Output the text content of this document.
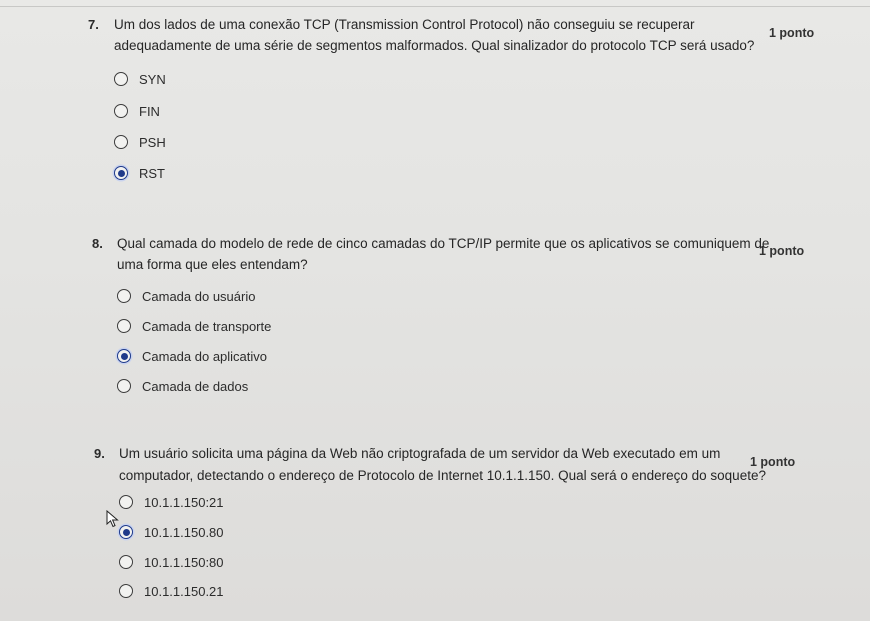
7. Um dos lados de uma conexão TCP (Transmission Control Protocol) não conseguiu se recuperar
adequadamente de uma série de segmentos malformados. Qual sinalizador do protocolo TCP será usado?
1 ponto
SYN
FIN
PSH
RST
8. Qual camada do modelo de rede de cinco camadas do TCP/IP permite que os aplicativos se comuniquem de
uma forma que eles entendam?
1 ponto
Camada do usuário
Camada de transporte
Camada do aplicativo
Camada de dados
9. Um usuário solicita uma página da Web não criptografada de um servidor da Web executado em um
computador, detectando o endereço de Protocolo de Internet 10.1.1.150. Qual será o endereço do soquete?
1 ponto
10.1.1.150:21
10.1.1.150.80
10.1.1.150:80
10.1.1.150.21
